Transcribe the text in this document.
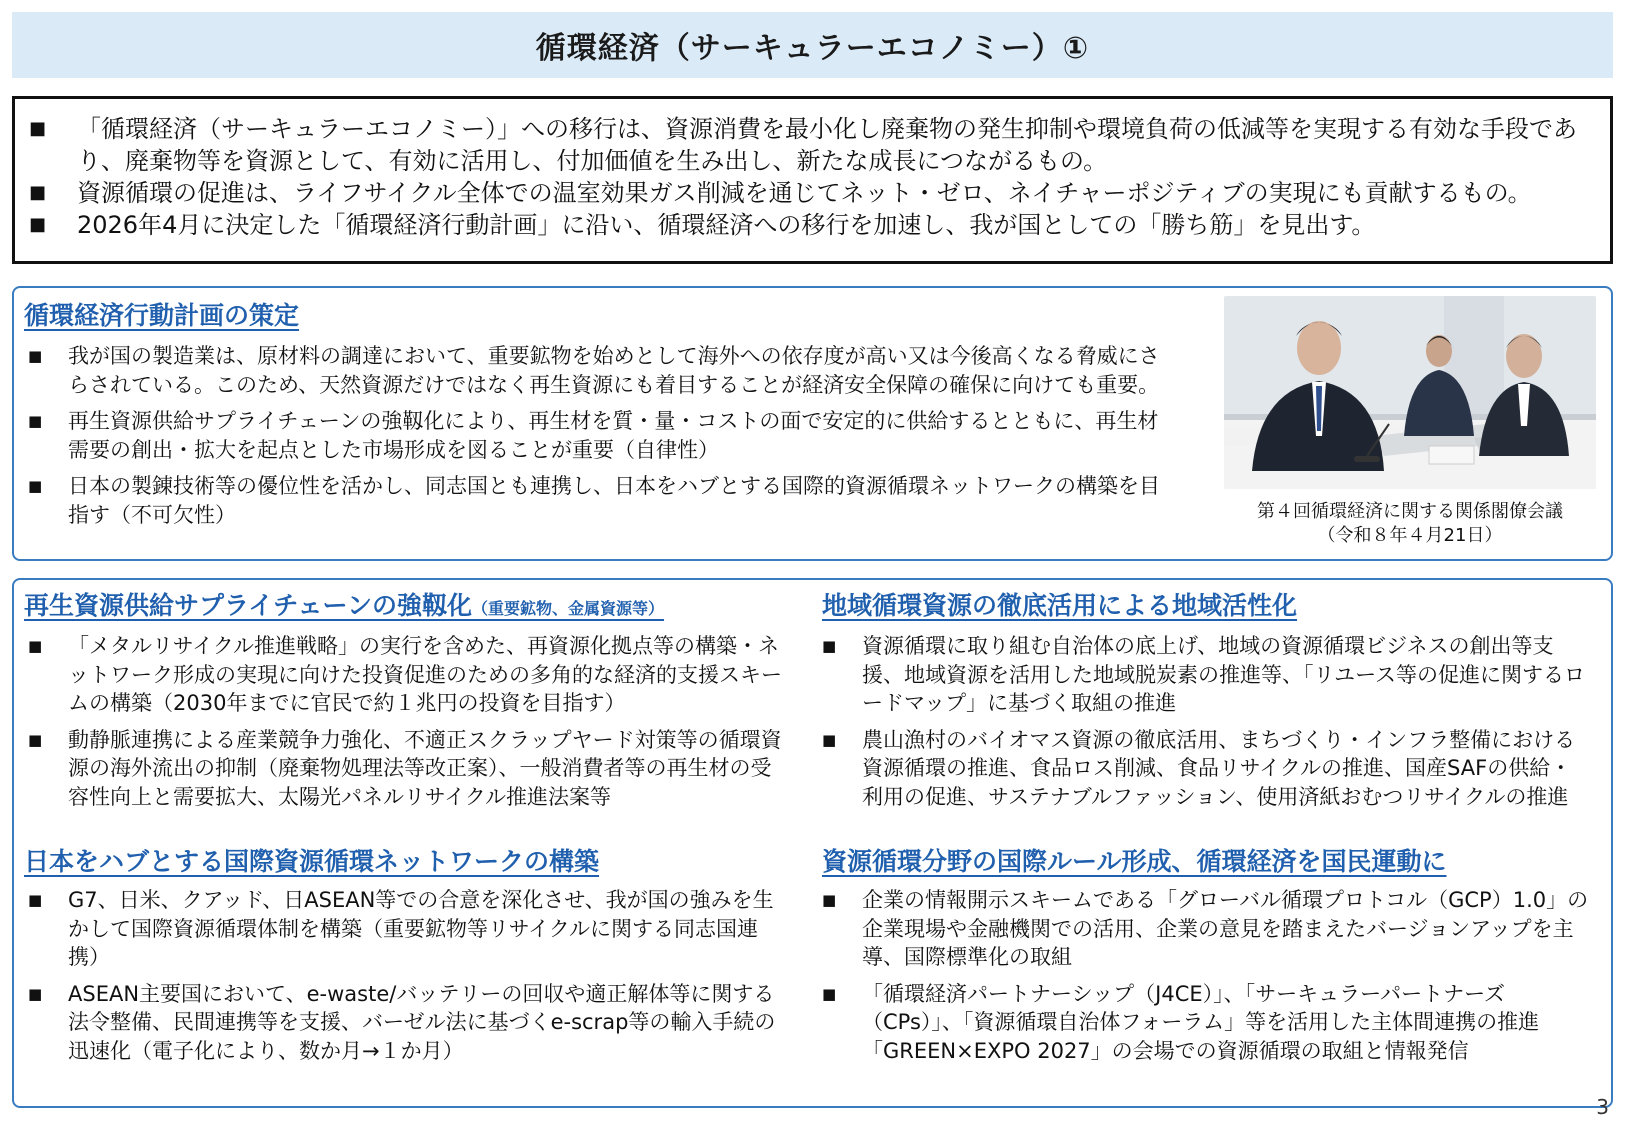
循環経済（サーキュラーエコノミー）①
■	「循環経済（サーキュラーエコノミー）」への移行は、資源消費を最小化し廃棄物の発生抑制や環境負荷の低減等を実現する有効な手段であり、廃棄物等を資源として、有効に活用し、付加価値を生み出し、新たな成長につながるもの。
■	資源循環の促進は、ライフサイクル全体での温室効果ガス削減を通じてネット・ゼロ、ネイチャーポジティブの実現にも貢献するもの。
■	2026年4月に決定した「循環経済行動計画」に沿い、循環経済への移行を加速し、我が国としての「勝ち筋」を見出す。
循環経済行動計画の策定
■	我が国の製造業は、原材料の調達において、重要鉱物を始めとして海外への依存度が高い又は今後高くなる脅威にさらされている。このため、天然資源だけではなく再生資源にも着目することが経済安全保障の確保に向けても重要。
■	再生資源供給サプライチェーンの強靱化により、再生材を質・量・コストの面で安定的に供給するとともに、再生材需要の創出・拡大を起点とした市場形成を図ることが重要（自律性）
■	日本の製錬技術等の優位性を活かし、同志国とも連携し、日本をハブとする国際的資源循環ネットワークの構築を目指す（不可欠性）	第４回循環経済に関する関係閣僚会議
（令和８年４月21日）
再生資源供給サプライチェーンの強靱化（重要鉱物、金属資源等）
■	「メタルリサイクル推進戦略」の実行を含めた、再資源化拠点等の構築・ネットワーク形成の実現に向けた投資促進のための多角的な経済的支援スキームの構築（2030年までに官民で約１兆円の投資を目指す）
■	動静脈連携による産業競争力強化、不適正スクラップヤード対策等の循環資源の海外流出の抑制（廃棄物処理法等改正案）、一般消費者等の再生材の受容性向上と需要拡大、太陽光パネルリサイクル推進法案等
地域循環資源の徹底活用による地域活性化
■	資源循環に取り組む自治体の底上げ、地域の資源循環ビジネスの創出等支援、地域資源を活用した地域脱炭素の推進等、「リユース等の促進に関するロードマップ」に基づく取組の推進
■	農山漁村のバイオマス資源の徹底活用、まちづくり・インフラ整備における資源循環の推進、食品ロス削減、食品リサイクルの推進、国産SAFの供給・利用の促進、サステナブルファッション、使用済紙おむつリサイクルの推進
日本をハブとする国際資源循環ネットワークの構築
■	G7、日米、クアッド、日ASEAN等での合意を深化させ、我が国の強みを生かして国際資源循環体制を構築（重要鉱物等リサイクルに関する同志国連携）
■	ASEAN主要国において、e-waste/バッテリーの回収や適正解体等に関する法令整備、民間連携等を支援、バーゼル法に基づくe-scrap等の輸入手続の迅速化（電子化により、数か月→１か月）
資源循環分野の国際ルール形成、循環経済を国民運動に
■	企業の情報開示スキームである「グローバル循環プロトコル（GCP）1.0」の企業現場や金融機関での活用、企業の意見を踏まえたバージョンアップを主導、国際標準化の取組
■	「循環経済パートナーシップ（J4CE）」、「サーキュラーパートナーズ（CPs）」、「資源循環自治体フォーラム」等を活用した主体間連携の推進「GREEN×EXPO 2027」の会場での資源循環の取組と情報発信
3
